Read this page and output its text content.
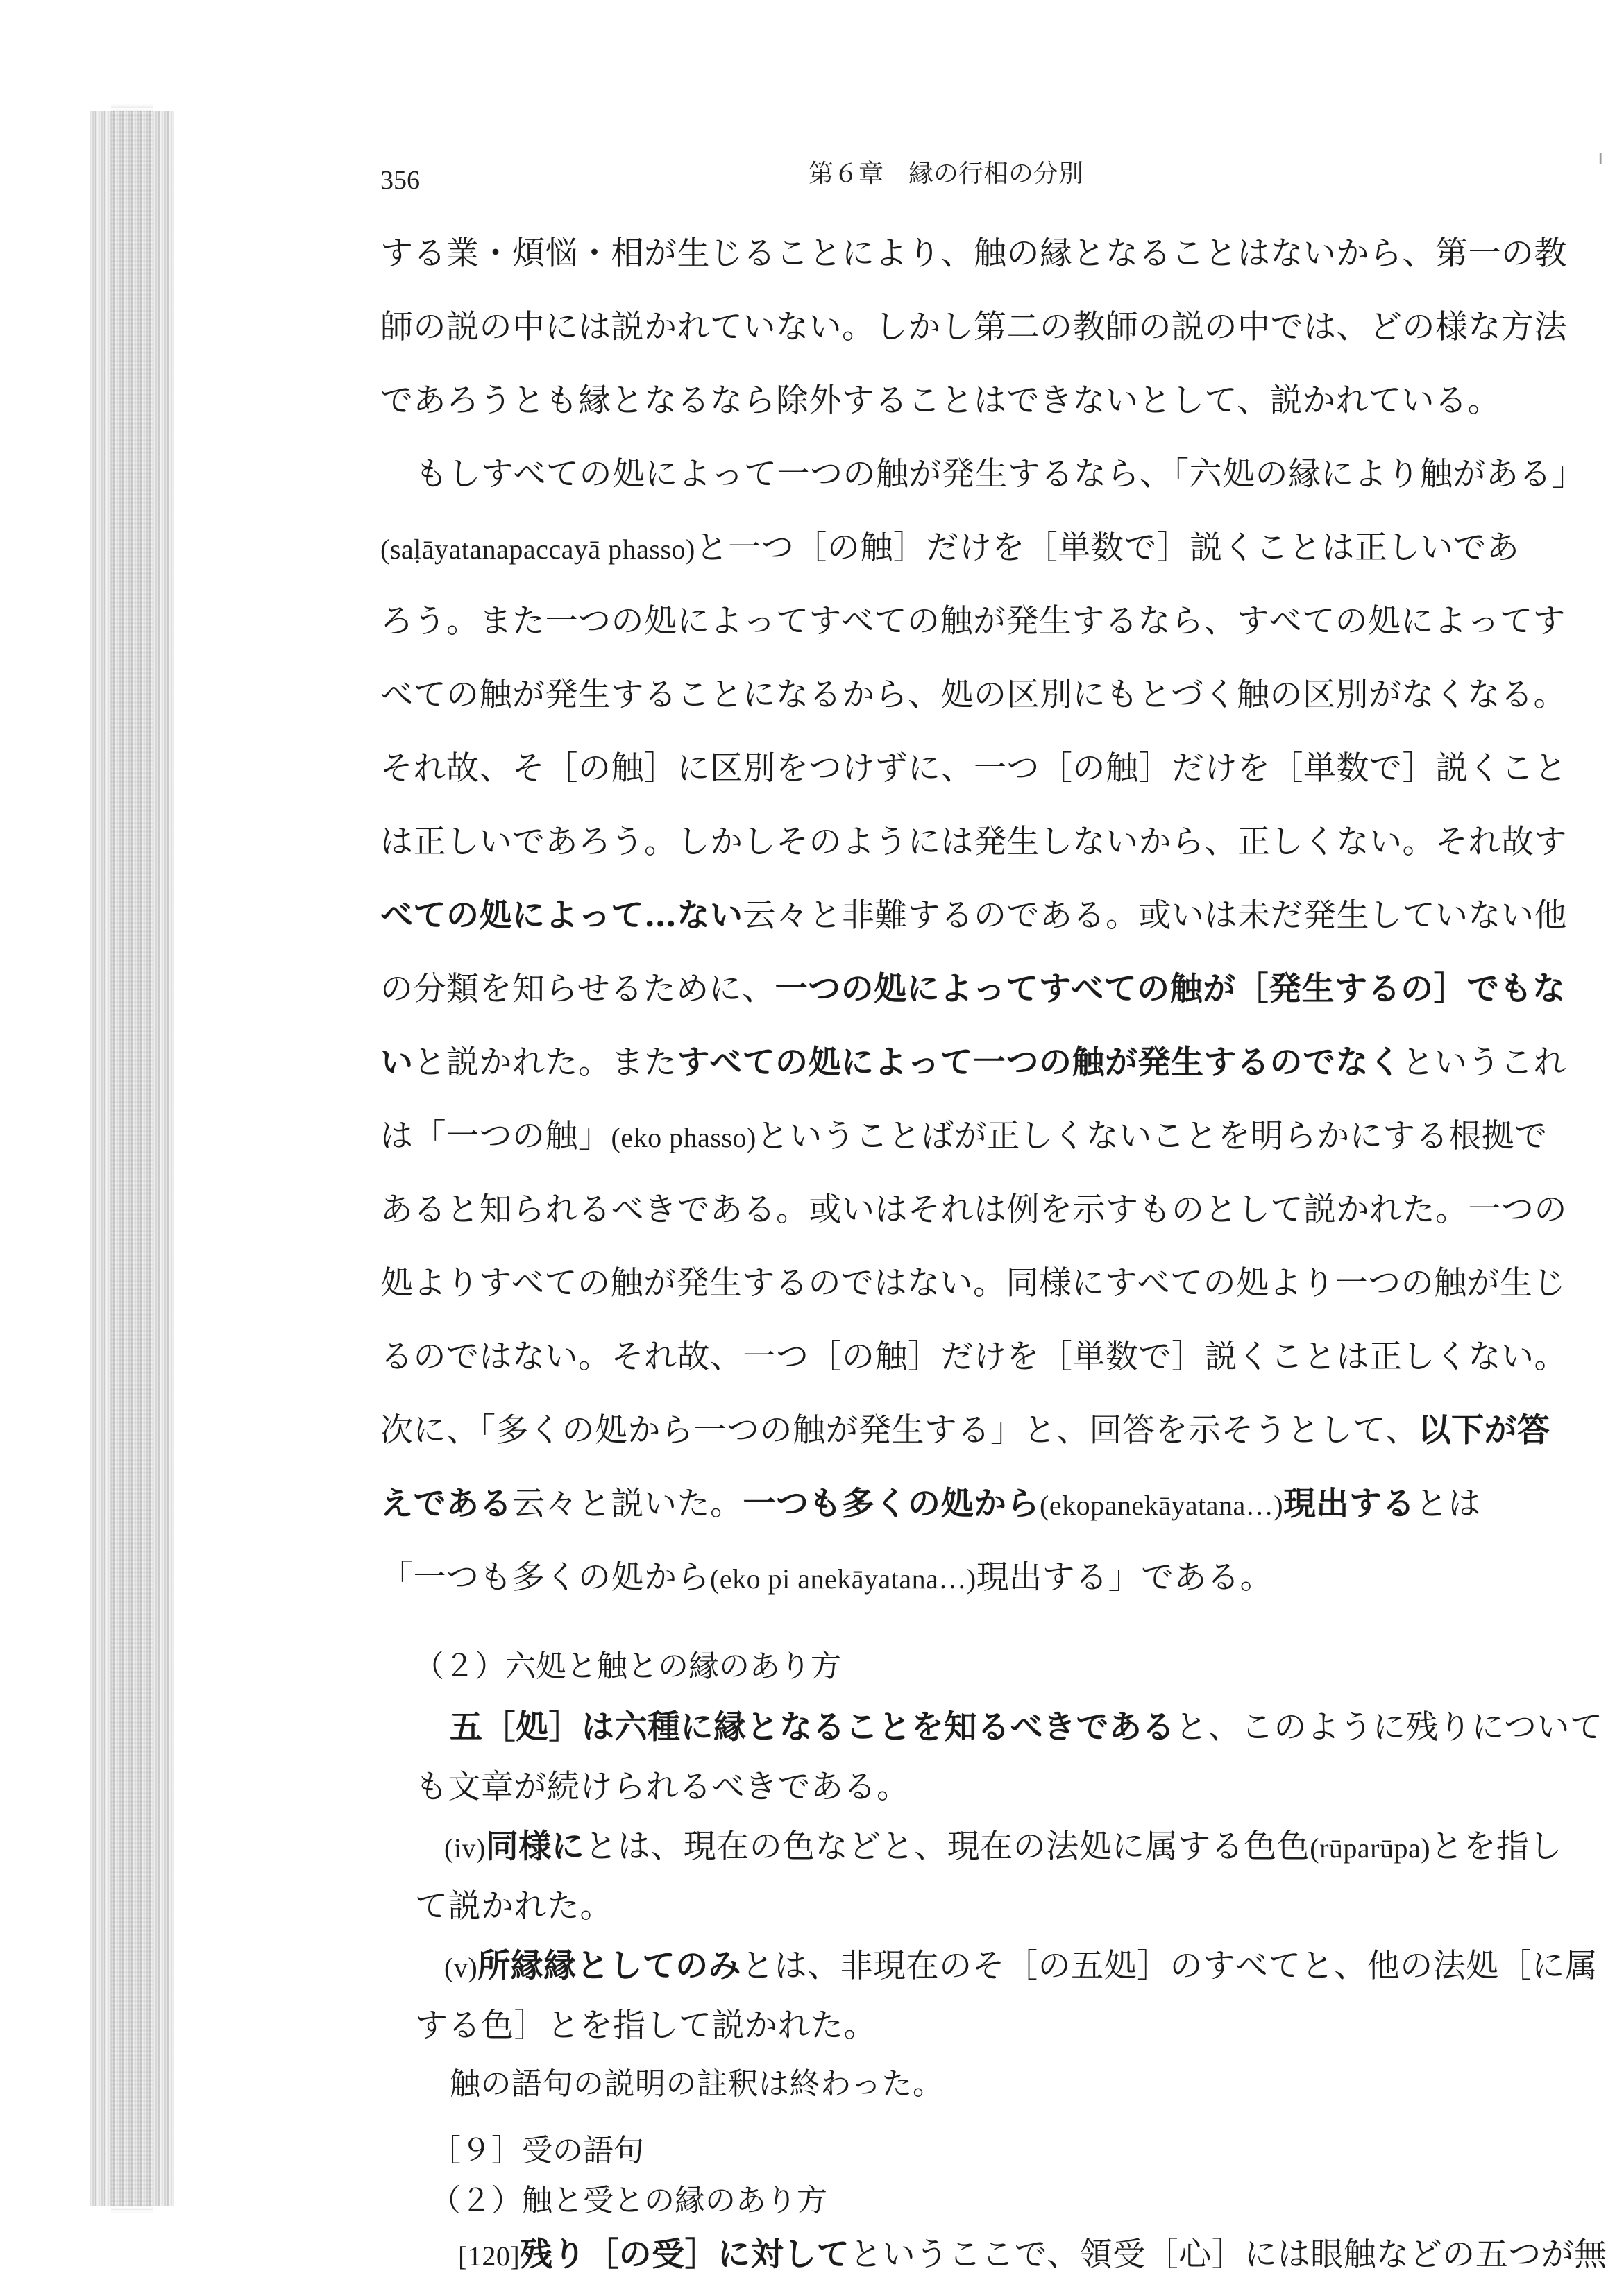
356	第６章　縁の行相の分別
ı
する業・煩悩・相が生じることにより、触の縁となることはないから、第一の教
師の説の中には説かれていない。しかし第二の教師の説の中では、どの様な方法
であろうとも縁となるなら除外することはできないとして、説かれている。
もしすべての処によって一つの触が発生するなら、「六処の縁により触がある」
(saḷāyatanapaccayā phasso)と一つ［の触］だけを［単数で］説くことは正しいであ
ろう。また一つの処によってすべての触が発生するなら、すべての処によってす
べての触が発生することになるから、処の区別にもとづく触の区別がなくなる。
それ故、そ［の触］に区別をつけずに、一つ［の触］だけを［単数で］説くこと
は正しいであろう。しかしそのようには発生しないから、正しくない。それ故す
べての処によって…ない云々と非難するのである。或いは未だ発生していない他
の分類を知らせるために、一つの処によってすべての触が［発生するの］でもな
いと説かれた。またすべての処によって一つの触が発生するのでなくというこれ
は「一つの触」(eko phasso)ということばが正しくないことを明らかにする根拠で
あると知られるべきである。或いはそれは例を示すものとして説かれた。一つの
処よりすべての触が発生するのではない。同様にすべての処より一つの触が生じ
るのではない。それ故、一つ［の触］だけを［単数で］説くことは正しくない。
次に、「多くの処から一つの触が発生する」と、回答を示そうとして、以下が答
えである云々と説いた。一つも多くの処から(ekopanekāyatana…)現出するとは
「一つも多くの処から(eko pi anekāyatana…)現出する」である。
（２）六処と触との縁のあり方
五［処］は六種に縁となることを知るべきであると、このように残りについて
も文章が続けられるべきである。
(iv)同様にとは、現在の色などと、現在の法処に属する色色(rūparūpa)とを指し
て説かれた。
(v)所縁縁としてのみとは、非現在のそ［の五処］のすべてと、他の法処［に属
する色］とを指して説かれた。
触の語句の説明の註釈は終わった。
［９］受の語句
（２）触と受との縁のあり方
[120]残り［の受］に対してというここで、領受［心］には眼触などの五つが無
